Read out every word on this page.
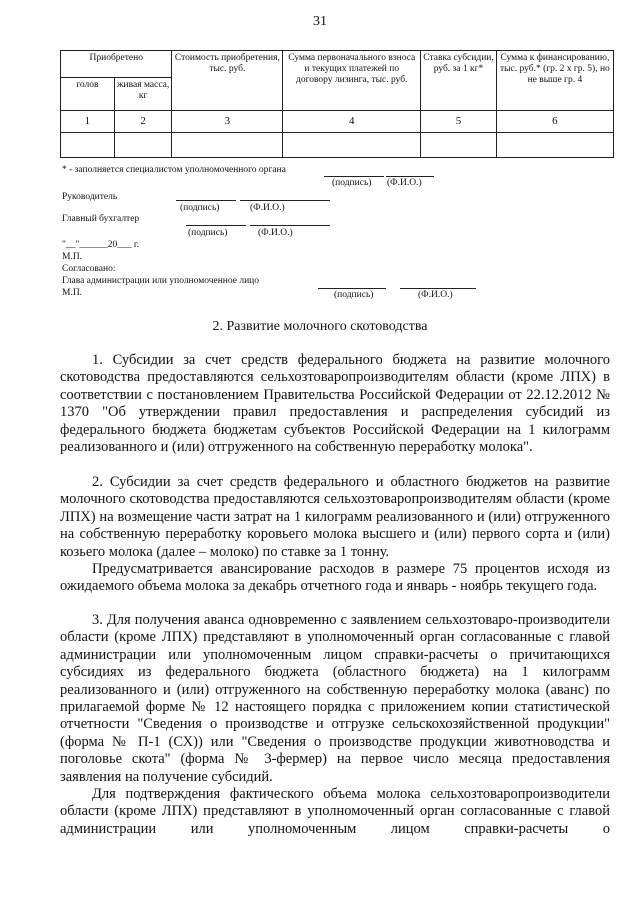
31
Приобретено		Стоимость приобретения, тыс. руб.	Сумма первоначального взноса и текущих платежей по договору лизинга, тыс. руб.	Ставка субсидии, руб. за 1 кг*	Сумма к финансированию, тыс. руб.* (гр. 2 х гр. 5), но не выше гр. 4
голов	живая масса, кг				
1	2	3	4	5	6

* - заполняется специалистом уполномоченного органа
(подпись) (Ф.И.О.)
Руководитель
(подпись)	(Ф.И.О.)
Главный бухгалтер
(подпись)	(Ф.И.О.)
"__"______20___ г.
М.П.
Согласовано:
Глава администрации или уполномоченное лицо
М.П.	(подпись)	(Ф.И.О.)
2. Развитие молочного скотоводства

1. Субсидии за счет средств федерального бюджета на развитие молочного скотоводства предоставляются сельхозтоваропроизводителям области (кроме ЛПХ) в соответствии с постановлением Правительства Российской Федерации от 22.12.2012 № 1370 "Об утверждении правил предоставления и распределения субсидий из федерального бюджета бюджетам субъектов Российской Федерации на 1 килограмм реализованного и (или) отгруженного на собственную переработку молока".

2. Субсидии за счет средств федерального и областного бюджетов на развитие молочного скотоводства предоставляются сельхозтоваропроизводителям области (кроме ЛПХ) на возмещение части затрат на 1 килограмм реализованного и (или) отгруженного на собственную переработку коровьего молока высшего и (или) первого сорта и (или) козьего молока (далее – молоко) по ставке за 1 тонну.

Предусматривается авансирование расходов в размере 75 процентов исходя из ожидаемого объема молока за декабрь отчетного года и январь - ноябрь текущего года.

3. Для получения аванса одновременно с заявлением сельхозтоваро-производители области (кроме ЛПХ) представляют в уполномоченный орган согласованные с главой администрации или уполномоченным лицом справки-расчеты о причитающихся субсидиях из федерального бюджета (областного бюджета) на 1 килограмм реализованного и (или) отгруженного на собственную переработку молока (аванс) по прилагаемой форме № 12 настоящего порядка с приложением копии статистической отчетности "Сведения о производстве и отгрузке сельскохозяйственной продукции" (форма № П-1 (СХ)) или "Сведения о производстве продукции животноводства и поголовье скота" (форма № 3-фермер) на первое число месяца предоставления заявления на получение субсидий.

Для подтверждения фактического объема молока сельхозтоваропроизводители области (кроме ЛПХ) представляют в уполномоченный орган согласованные с главой администрации или уполномоченным лицом справки-расчеты о
